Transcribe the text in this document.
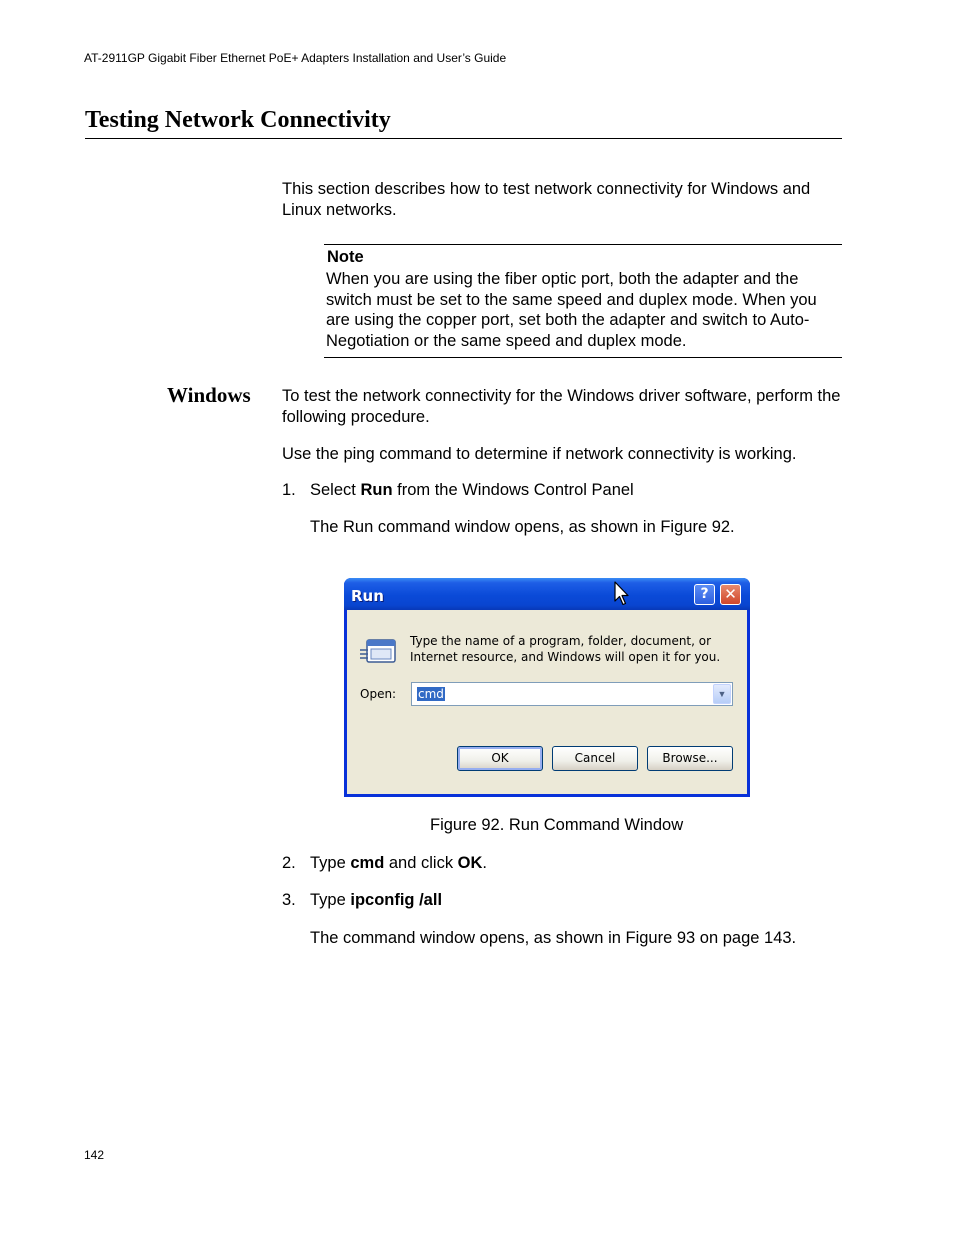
AT-2911GP Gigabit Fiber Ethernet PoE+ Adapters Installation and User’s Guide
Testing Network Connectivity
This section describes how to test network connectivity for Windows and Linux networks.
Note
When you are using the fiber optic port, both the adapter and the switch must be set to the same speed and duplex mode. When you are using the copper port, set both the adapter and switch to Auto-Negotiation or the same speed and duplex mode.
Windows To test the network connectivity for the Windows driver software, perform the following procedure.
Use the ping command to determine if network connectivity is working.
1. Select Run from the Windows Control Panel
The Run command window opens, as shown in Figure 92.
Run	?	✕
Type the name of a program, folder, document, or Internet resource, and Windows will open it for you.
Open: cmd	▼
OK	Cancel	Browse...
Figure 92. Run Command Window
2. Type cmd and click OK.
3. Type ipconfig /all
The command window opens, as shown in Figure 93 on page 143.
142
